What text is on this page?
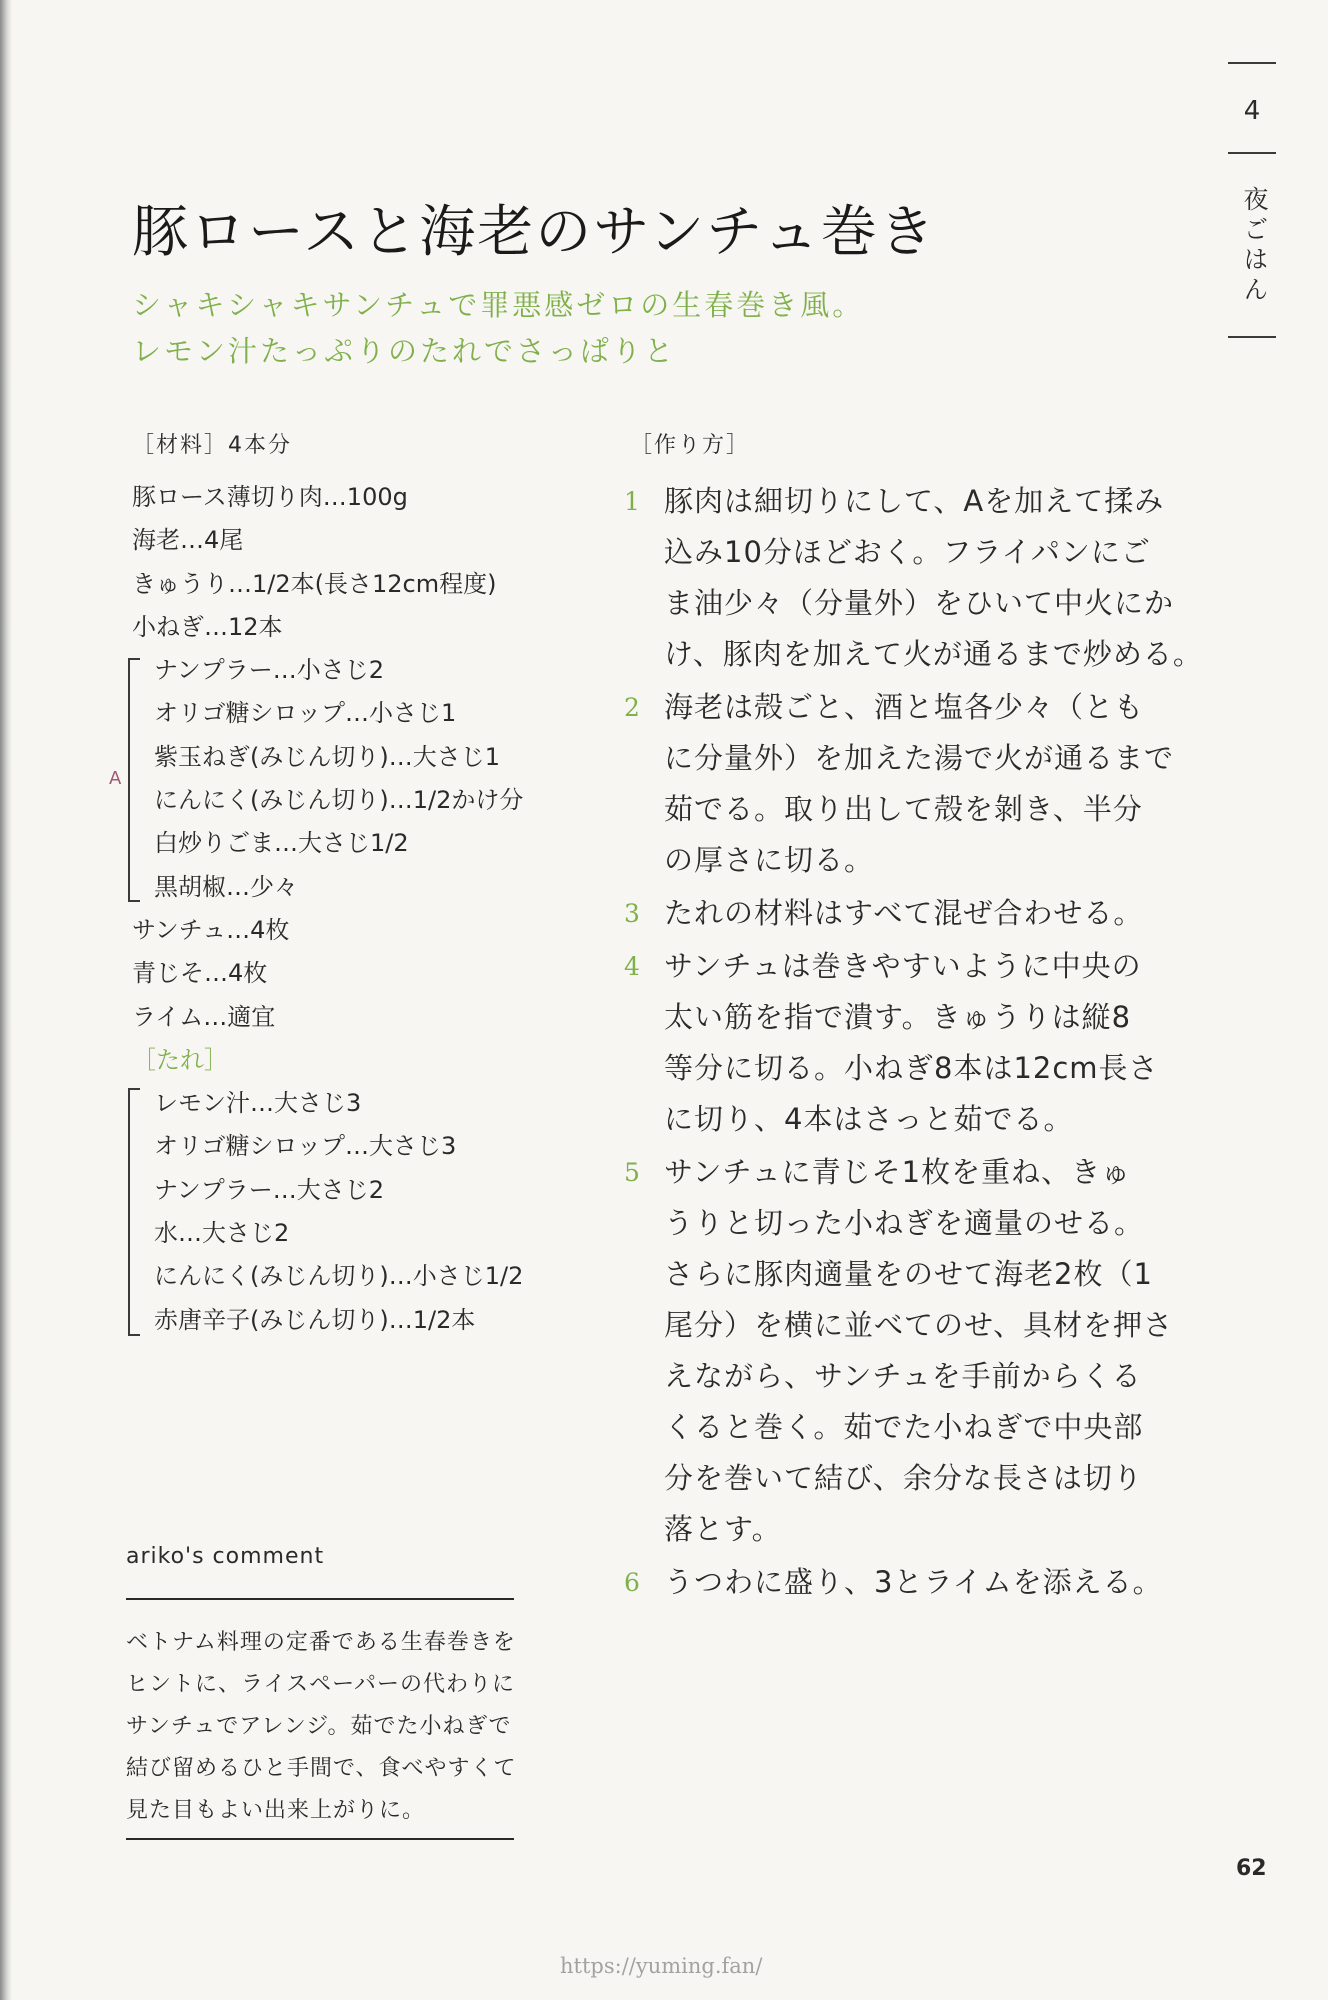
4
夜ごはん
豚ロースと海老のサンチュ巻き
シャキシャキサンチュで罪悪感ゼロの生春巻き風。
レモン汁たっぷりのたれでさっぱりと
［材料］4本分
豚ロース薄切り肉…100g
海老…4尾
きゅうり…1/2本(長さ12cm程度)
小ねぎ…12本
ナンプラー…小さじ2
オリゴ糖シロップ…小さじ1
紫玉ねぎ(みじん切り)…大さじ1
にんにく(みじん切り)…1/2かけ分
白炒りごま…大さじ1/2
黒胡椒…少々
サンチュ…4枚
青じそ…4枚
ライム…適宜
［たれ］
レモン汁…大さじ3
オリゴ糖シロップ…大さじ3
ナンプラー…大さじ2
水…大さじ2
にんにく(みじん切り)…小さじ1/2
赤唐辛子(みじん切り)…1/2本
A
［作り方］
1 豚肉は細切りにして、Aを加えて揉み
込み10分ほどおく。フライパンにご
ま油少々（分量外）をひいて中火にか
け、豚肉を加えて火が通るまで炒める。
2 海老は殻ごと、酒と塩各少々（とも
に分量外）を加えた湯で火が通るまで
茹でる。取り出して殻を剝き、半分
の厚さに切る。
3 たれの材料はすべて混ぜ合わせる。
4 サンチュは巻きやすいように中央の
太い筋を指で潰す。きゅうりは縦8
等分に切る。小ねぎ8本は12cm長さ
に切り、4本はさっと茹でる。
5 サンチュに青じそ1枚を重ね、きゅ
うりと切った小ねぎを適量のせる。
さらに豚肉適量をのせて海老2枚（1
尾分）を横に並べてのせ、具材を押さ
えながら、サンチュを手前からくる
くると巻く。茹でた小ねぎで中央部
分を巻いて結び、余分な長さは切り
落とす。
6 うつわに盛り、3とライムを添える。
ariko's comment
ベトナム料理の定番である生春巻きを
ヒントに、ライスペーパーの代わりに
サンチュでアレンジ。茹でた小ねぎで
結び留めるひと手間で、食べやすくて
見た目もよい出来上がりに。
62
https://yuming.fan/
